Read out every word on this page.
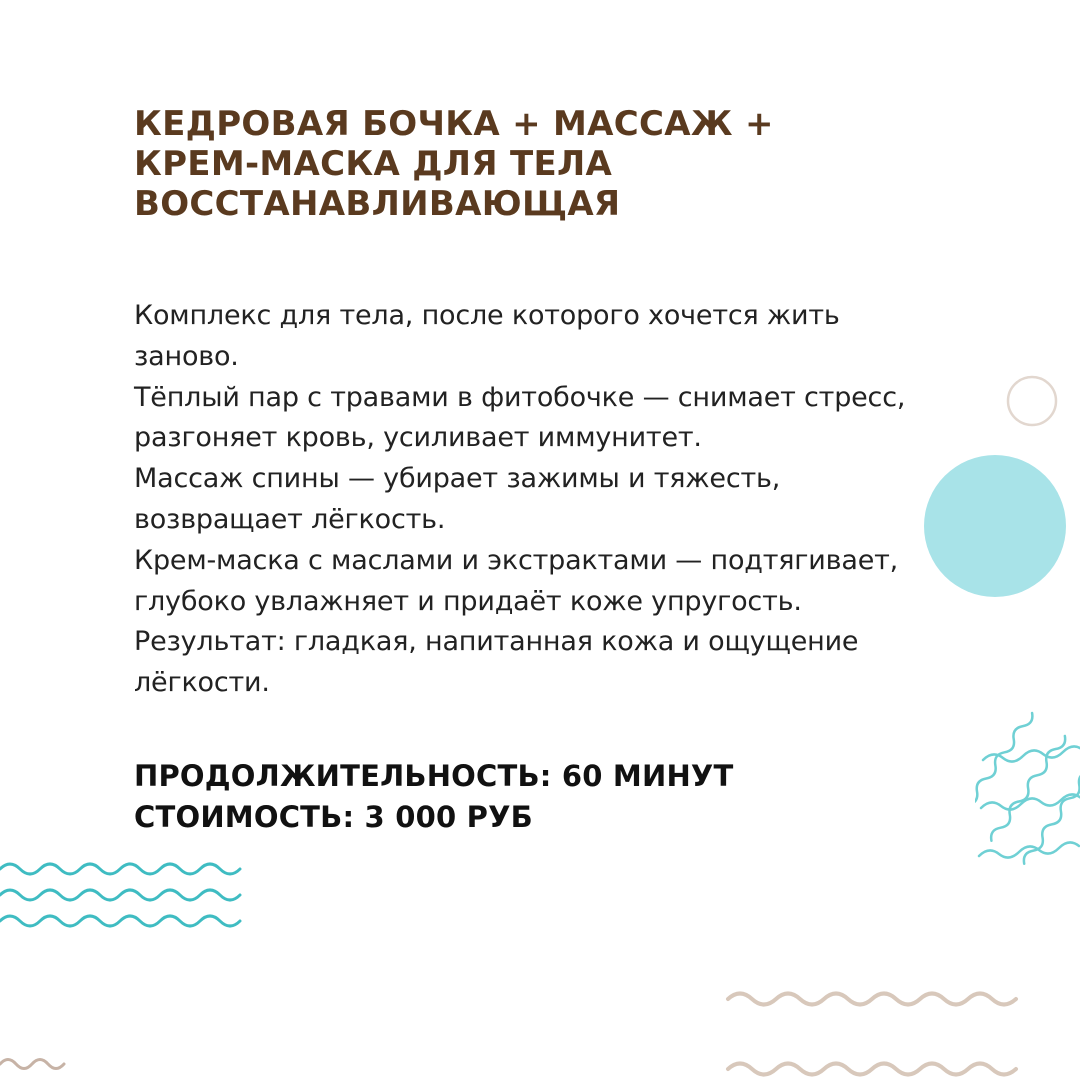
КЕДРОВАЯ БОЧКА + МАССАЖ +
КРЕМ-МАСКА ДЛЯ ТЕЛА
ВОССТАНАВЛИВАЮЩАЯ
Комплекс для тела, после которого хочется жить
заново.
Тёплый пар с травами в фитобочке — снимает стресс,
разгоняет кровь, усиливает иммунитет.
Массаж спины — убирает зажимы и тяжесть,
возвращает лёгкость.
Крем-маска с маслами и экстрактами — подтягивает,
глубоко увлажняет и придаёт коже упругость.
Результат: гладкая, напитанная кожа и ощущение
лёгкости.
ПРОДОЛЖИТЕЛЬНОСТЬ: 60 МИНУТ
СТОИМОСТЬ: 3 000 РУБ
